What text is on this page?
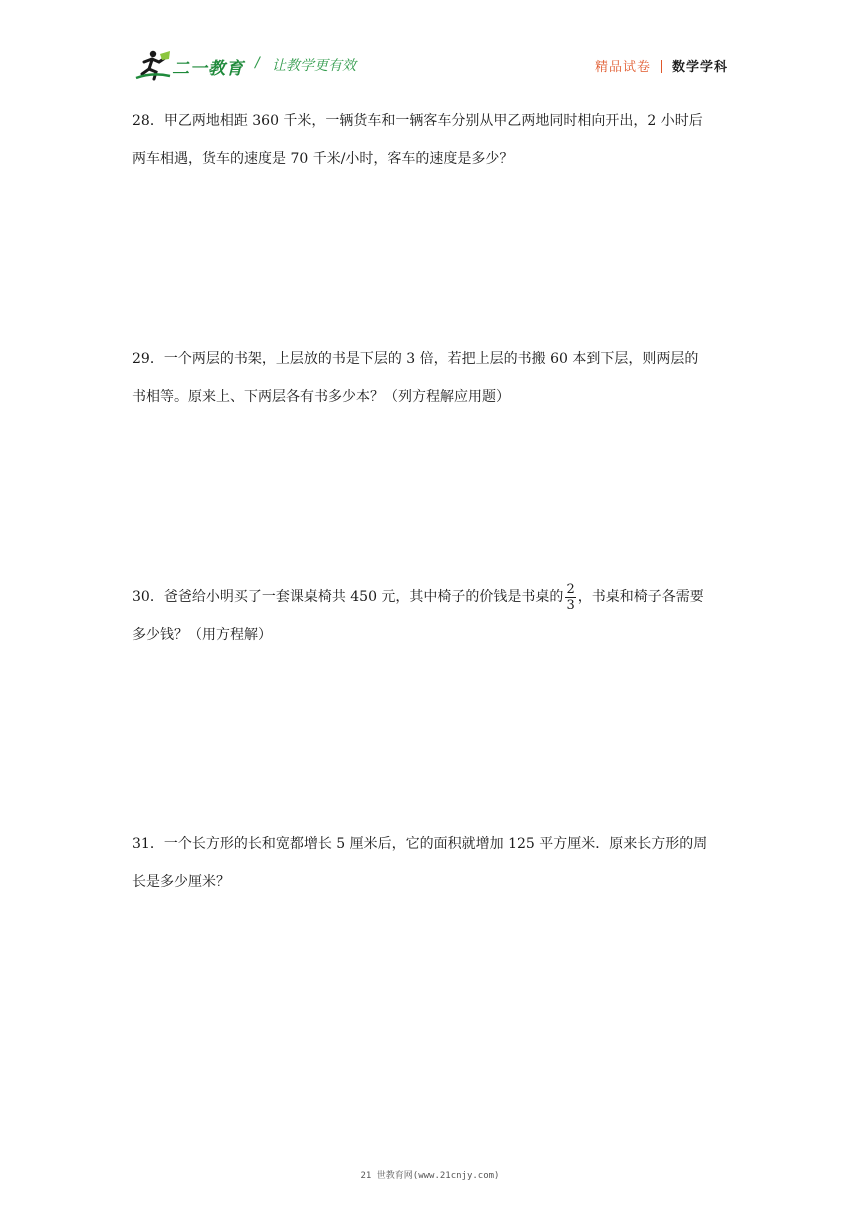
二一教育 / 让教学更有效	精品试卷 数学学科
28．甲乙两地相距 360 千米，一辆货车和一辆客车分别从甲乙两地同时相向开出，2 小时后
两车相遇，货车的速度是 70 千米/小时，客车的速度是多少？
29．一个两层的书架，上层放的书是下层的 3 倍，若把上层的书搬 60 本到下层，则两层的
书相等。原来上、下两层各有书多少本？（列方程解应用题）
30．爸爸给小明买了一套课桌椅共 450 元，其中椅子的价钱是书桌的 $\frac{2}{3}$ ，书桌和椅子各需要
多少钱？（用方程解）
31．一个长方形的长和宽都增长 5 厘米后，它的面积就增加 125 平方厘米．原来长方形的周
长是多少厘米？
21 世教育网(www.21cnjy.com)
